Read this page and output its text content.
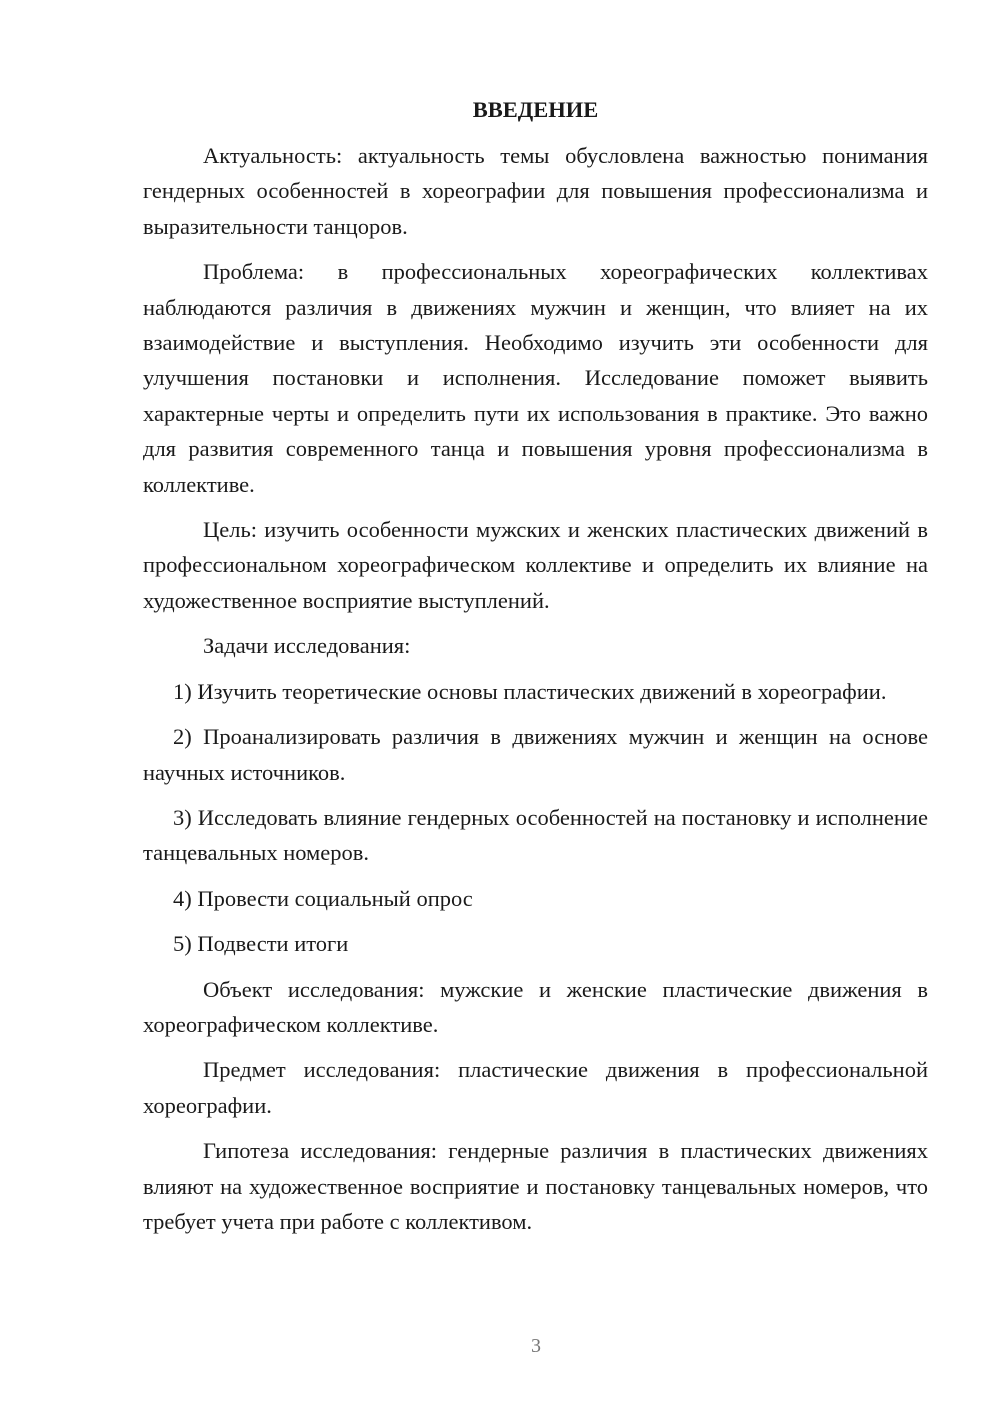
ВВЕДЕНИЕ

Актуальность: актуальность темы обусловлена важностью понимания гендерных особенностей в хореографии для повышения профессионализма и выразительности танцоров.

Проблема: в профессиональных хореографических коллективах наблюдаются различия в движениях мужчин и женщин, что влияет на их взаимодействие и выступления. Необходимо изучить эти особенности для улучшения постановки и исполнения. Исследование поможет выявить характерные черты и определить пути их использования в практике. Это важно для развития современного танца и повышения уровня профессионализма в коллективе.

Цель: изучить особенности мужских и женских пластических движений в профессиональном хореографическом коллективе и определить их влияние на художественное восприятие выступлений.

Задачи исследования:

1) Изучить теоретические основы пластических движений в хореографии.

2) Проанализировать различия в движениях мужчин и женщин на основе научных источников.

3) Исследовать влияние гендерных особенностей на постановку и исполнение танцевальных номеров.

4) Провести социальный опрос

5) Подвести итоги

Объект исследования: мужские и женские пластические движения в хореографическом коллективе.

Предмет исследования: пластические движения в профессиональной хореографии.

Гипотеза исследования: гендерные различия в пластических движениях влияют на художественное восприятие и постановку танцевальных номеров, что требует учета при работе с коллективом.

3
